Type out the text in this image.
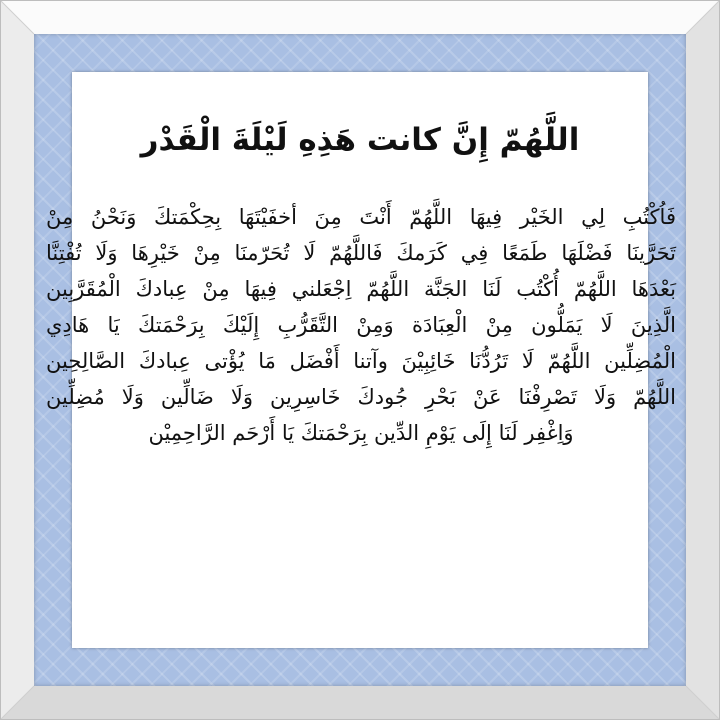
اللَّهُمّ إِنَّ كانت هَذِهِ لَيْلَةَ الْقَدْر
فَاُكْتُبِ لِي الخَيْر فِيهَا اللَّهُمّ أَنْتَ مِنَ أخفَيْتَهَا بِحِكْمَتكَ وَنَحْنُ مِنْ
تَحَرَّينَا فَضْلَهَا طَمَعًا فِي كَرَمكَ فَاللَّهُمّ لَا تُحَرّمنَا مِنْ خَيْرِهَا وَلَا تُفْتِنَّا
بَعْدَهَا اللَّهُمّ أُكْتُب لَنَا الجَنَّة اللَّهُمّ اِجْعَلني فِيهَا مِنْ عِبادكَ الْمُقَرَّبِين
الَّذِينَ لَا يَمَلُّون مِنْ الْعِبَادَة وَمِنْ التَّقَرُّبِ إِلَيْكَ بِرَحْمَتكَ يَا هَادِي
الْمُضِلِّين اللَّهُمّ لَا تَرُدُّنَا خَائِبِيْنَ وآتنا أَفْضَل مَا يُؤْتى عِبادكَ الصَّالِحِين
اللَّهُمّ وَلَا تَصْرِفْنَا عَنْ بَحْرِ جُودكَ خَاسِرِين وَلَا ضَالِّين وَلَا مُضِلِّين
وَاِغْفِر لَنَا إِلَى يَوْمِ الدِّين بِرَحْمَتكَ يَا أَرْحَم الرَّاحِمِيْن
